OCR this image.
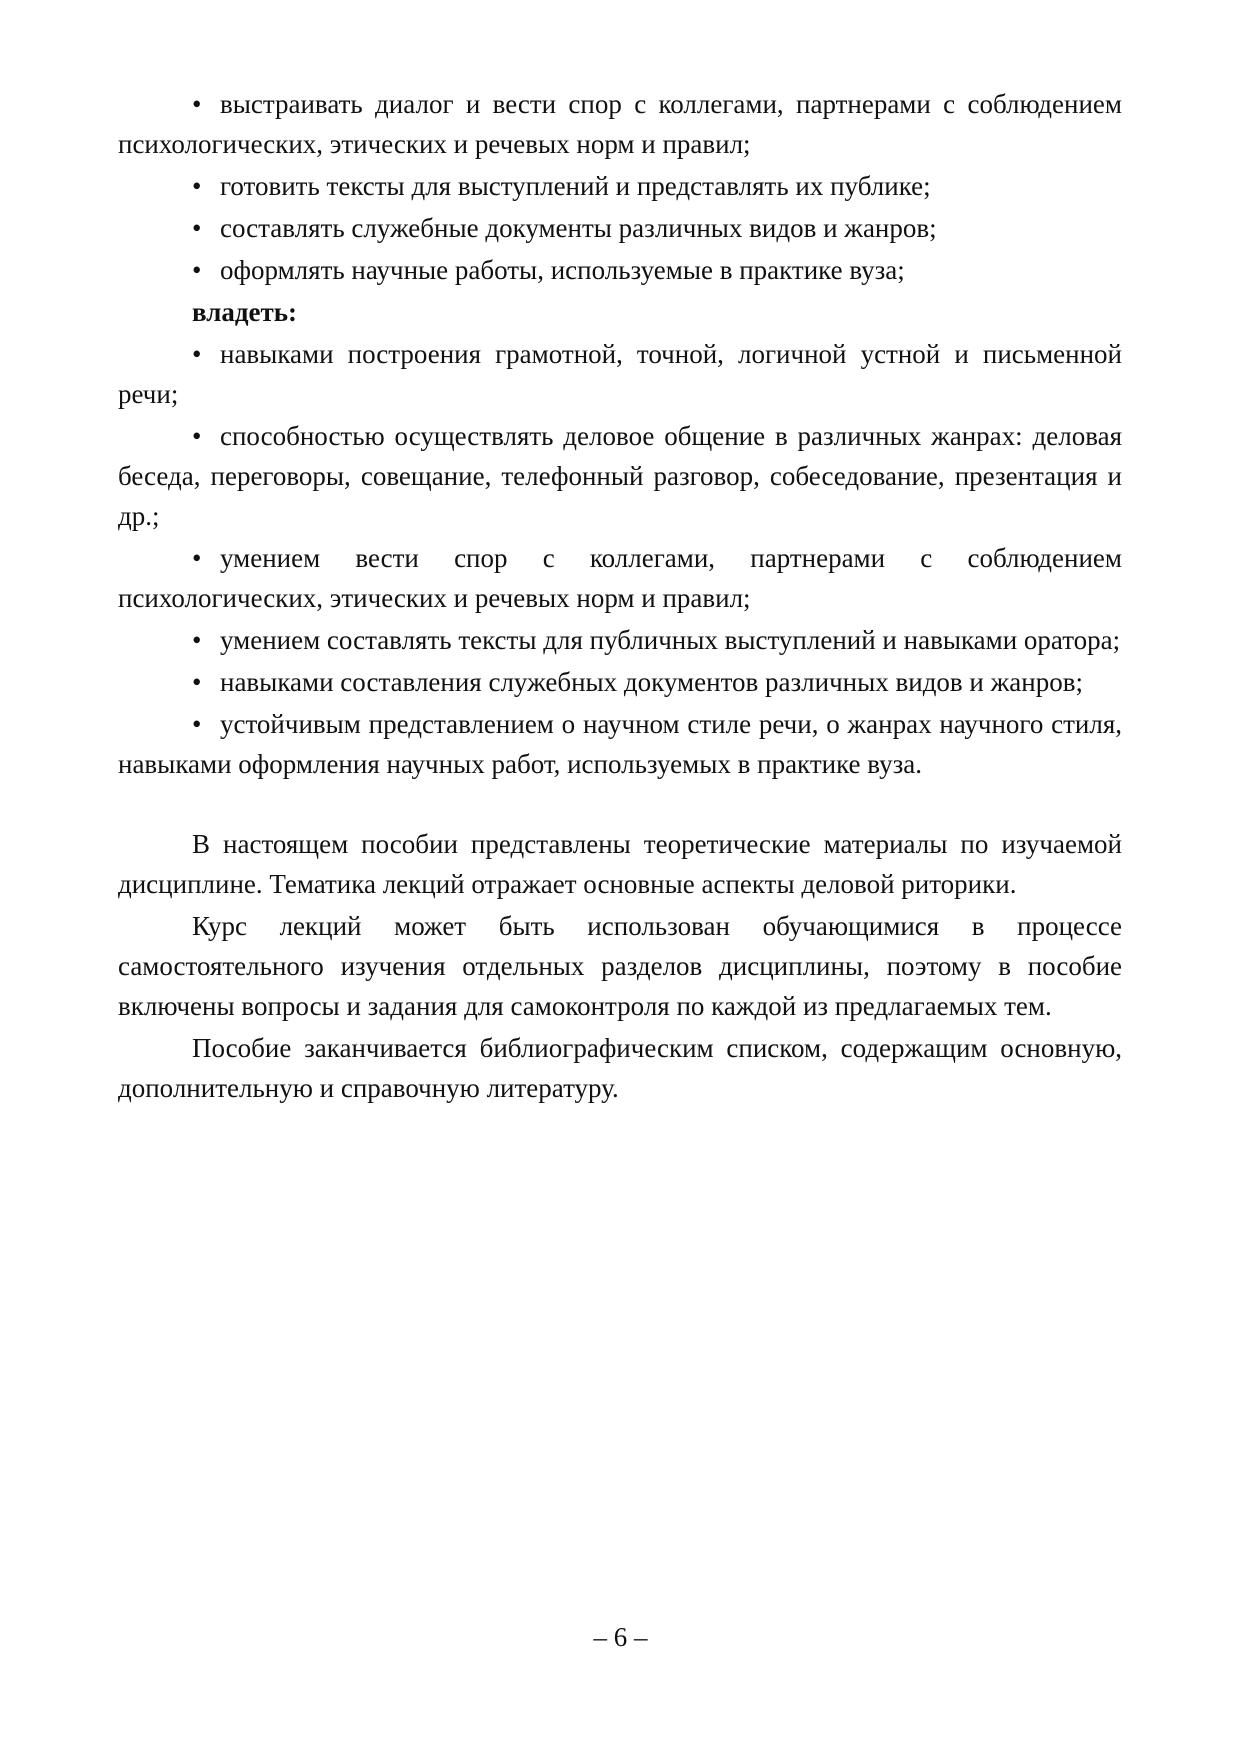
• выстраивать диалог и вести спор с коллегами, партнерами с соблюдением психологических, этических и речевых норм и правил;

• готовить тексты для выступлений и представлять их публике;

• составлять служебные документы различных видов и жанров;

• оформлять научные работы, используемые в практике вуза;

владеть:

• навыками построения грамотной, точной, логичной устной и письменной речи;

• способностью осуществлять деловое общение в различных жанрах: деловая беседа, переговоры, совещание, телефонный разговор, собеседование, презентация и др.;

• умением вести спор с коллегами, партнерами с соблюдением психологических, этических и речевых норм и правил;

• умением составлять тексты для публичных выступлений и навыками оратора;

• навыками составления служебных документов различных видов и жанров;

• устойчивым представлением о научном стиле речи, о жанрах научного стиля, навыками оформления научных работ, используемых в практике вуза.

В настоящем пособии представлены теоретические материалы по изучаемой дисциплине. Тематика лекций отражает основные аспекты деловой риторики.

Курс лекций может быть использован обучающимися в процессе самостоятельного изучения отдельных разделов дисциплины, поэтому в пособие включены вопросы и задания для самоконтроля по каждой из предлагаемых тем.

Пособие заканчивается библиографическим списком, содержащим основную, дополнительную и справочную литературу.

– 6 –
